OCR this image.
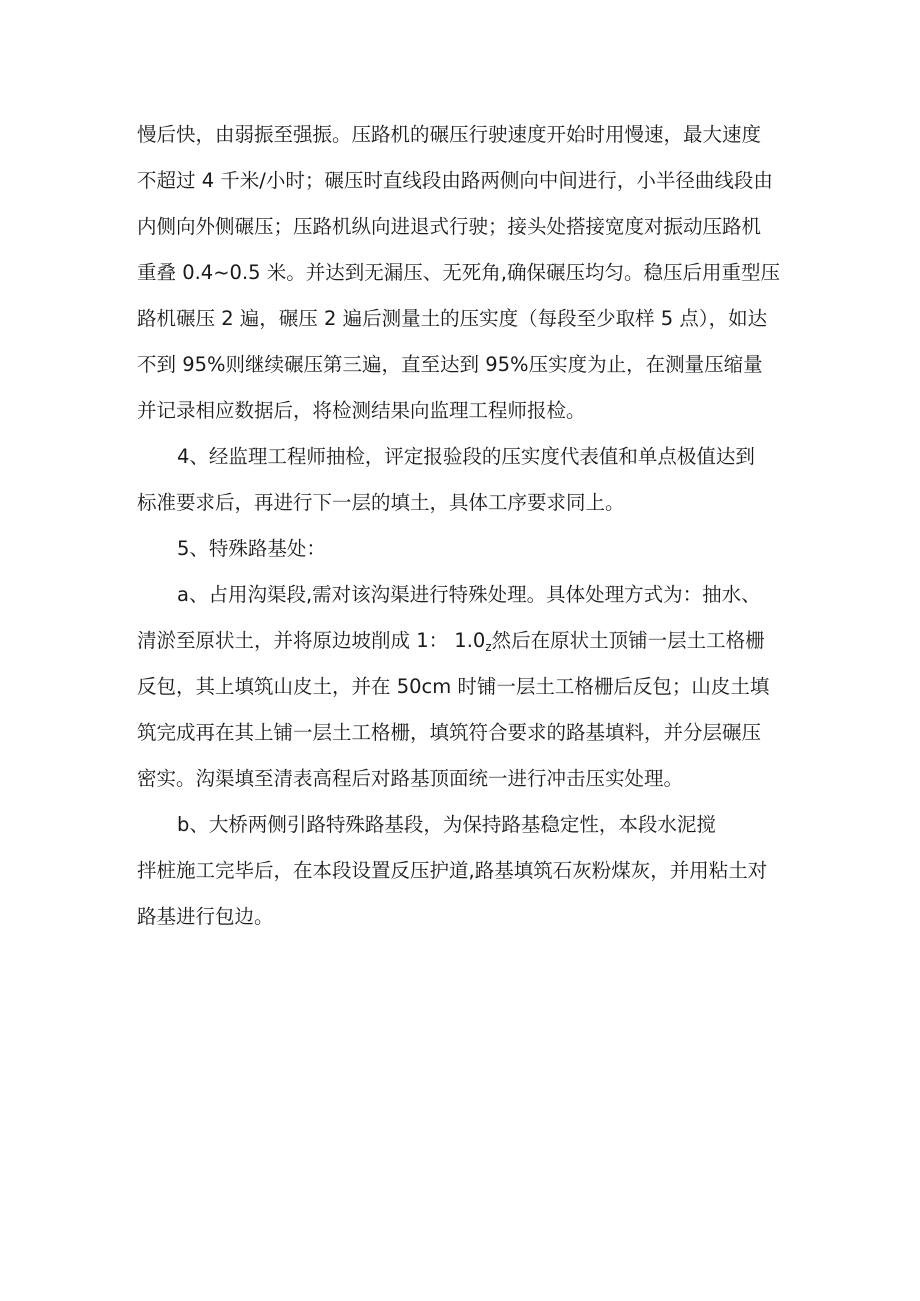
慢后快，由弱振至强振。压路机的碾压行驶速度开始时用慢速，最大速度
不超过 4 千米/小时；碾压时直线段由路两侧向中间进行，小半径曲线段由
内侧向外侧碾压；压路机纵向进退式行驶；接头处搭接宽度对振动压路机
重叠 0.4~0.5 米。并达到无漏压、无死角,确保碾压均匀。稳压后用重型压
路机碾压 2 遍，碾压 2 遍后测量土的压实度（每段至少取样 5 点），如达
不到 95%则继续碾压第三遍，直至达到 95%压实度为止，在测量压缩量
并记录相应数据后，将检测结果向监理工程师报检。
4、经监理工程师抽检，评定报验段的压实度代表值和单点极值达到
标准要求后，再进行下一层的填土，具体工序要求同上。
5、特殊路基处：
a、占用沟渠段,需对该沟渠进行特殊处理。具体处理方式为：抽水、
清淤至原状土，并将原边坡削成 1： $1.0_z$然后在原状土顶铺一层土工格栅
反包，其上填筑山皮土，并在 50cm 时铺一层土工格栅后反包；山皮土填
筑完成再在其上铺一层土工格栅，填筑符合要求的路基填料，并分层碾压
密实。沟渠填至清表高程后对路基顶面统一进行冲击压实处理。
b、大桥两侧引路特殊路基段，为保持路基稳定性，本段水泥搅
拌桩施工完毕后，在本段设置反压护道,路基填筑石灰粉煤灰，并用粘土对
路基进行包边。
